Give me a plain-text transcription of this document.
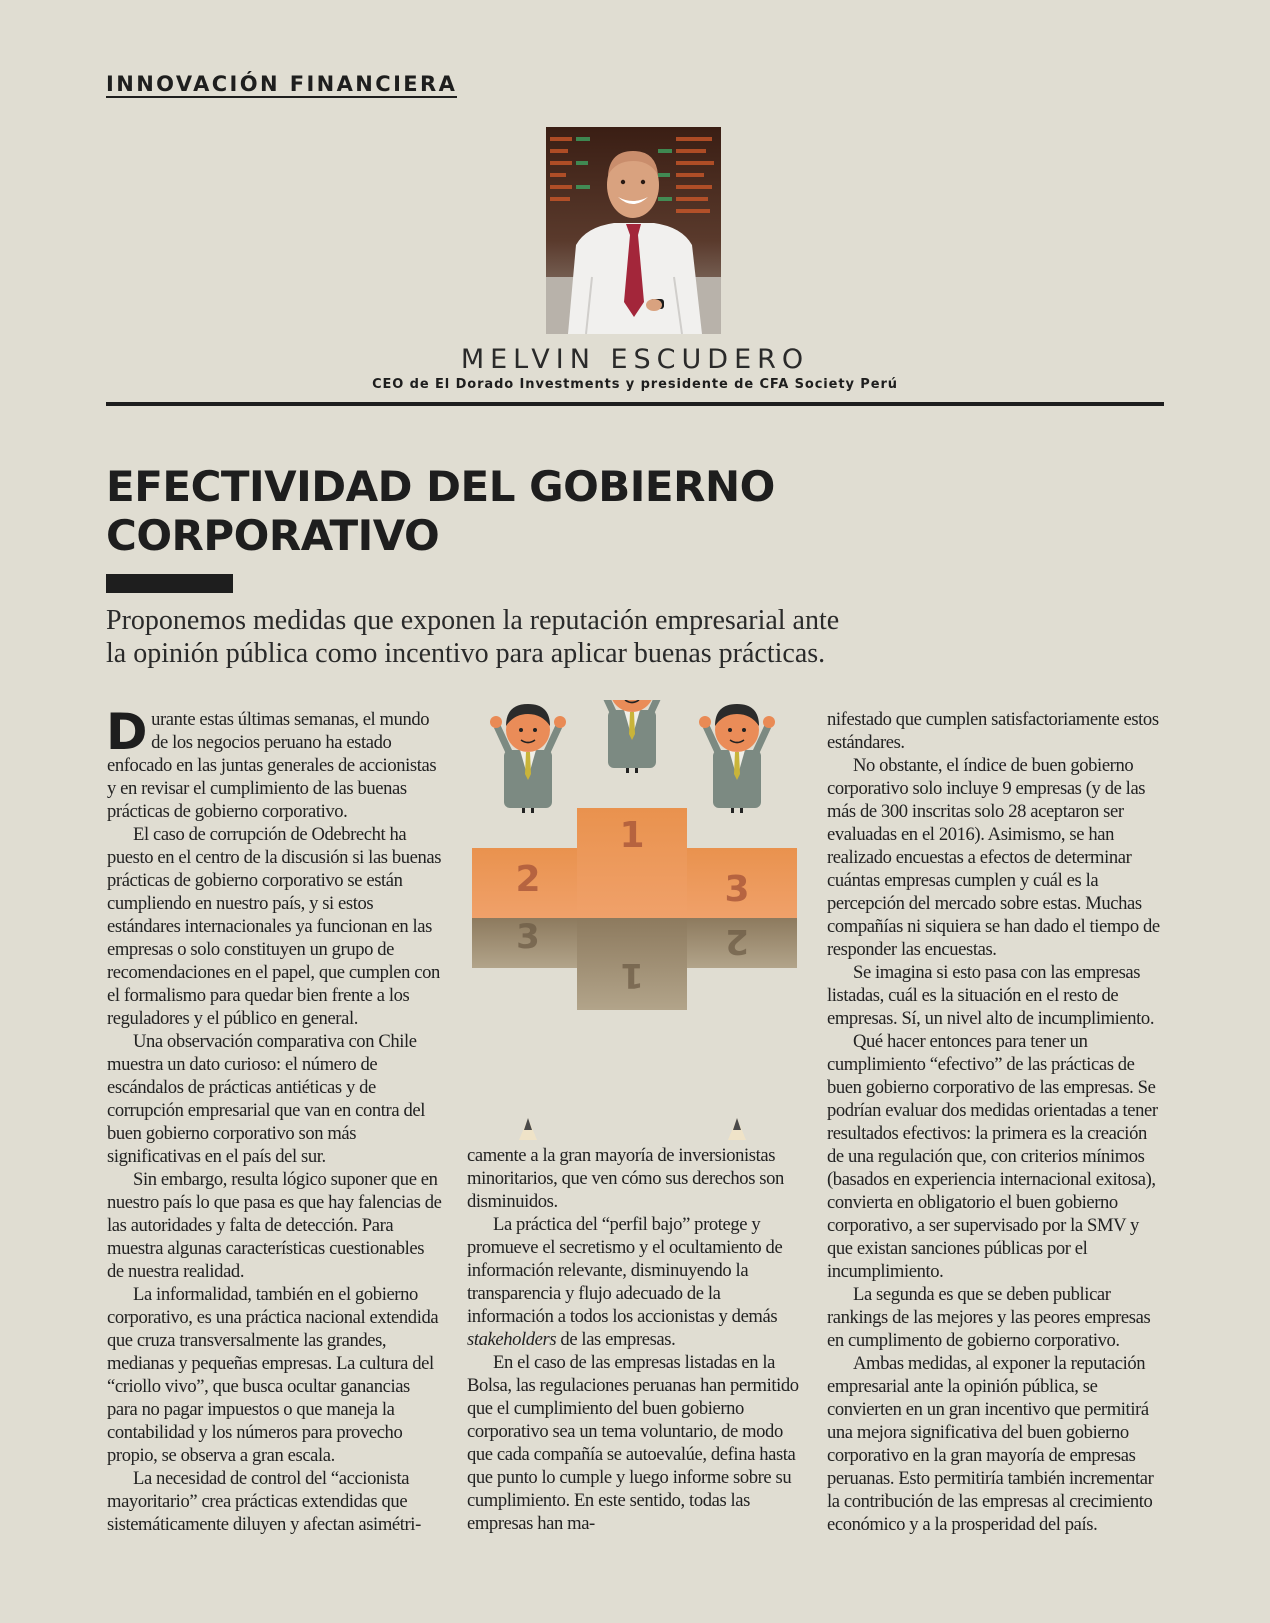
INNOVACIÓN FINANCIERA
MELVIN ESCUDERO
CEO de El Dorado Investments y presidente de CFA Society Perú
EFECTIVIDAD DEL GOBIERNO
CORPORATIVO

Proponemos medidas que exponen la reputación empresarial ante
la opinión pública como incentivo para aplicar buenas prácticas.

1
2	3
3
1
2

Durante estas últimas semanas, el mundo de los negocios peruano ha estado enfocado en las juntas generales de accionistas y en revisar el cumplimiento de las buenas prácticas de gobierno corporativo.

El caso de corrupción de Odebrecht ha puesto en el centro de la discusión si las buenas prácticas de gobierno corporativo se están cumpliendo en nuestro país, y si estos estándares internacionales ya funcionan en las empresas o solo constituyen un grupo de recomendaciones en el papel, que cumplen con el formalismo para quedar bien frente a los reguladores y el público en general.

Una observación comparativa con Chile muestra un dato curioso: el número de escándalos de prácticas antiéticas y de corrupción empresarial que van en contra del buen gobierno corporativo son más significativas en el país del sur.

Sin embargo, resulta lógico suponer que en nuestro país lo que pasa es que hay falencias de las autoridades y falta de detección. Para muestra algunas características cuestionables de nuestra realidad.

La informalidad, también en el gobierno corporativo, es una práctica nacional extendida que cruza transversalmente las grandes, medianas y pequeñas empresas. La cultura del “criollo vivo”, que busca ocultar ganancias para no pagar impuestos o que maneja la contabilidad y los números para provecho propio, se observa a gran escala.

La necesidad de control del “accionista mayoritario” crea prácticas extendidas que sistemáticamente diluyen y afectan asimétri-

camente a la gran mayoría de inversionistas minoritarios, que ven cómo sus derechos son disminuidos.

La práctica del “perfil bajo” protege y promueve el secretismo y el ocultamiento de información relevante, disminuyendo la transparencia y flujo adecuado de la información a todos los accionistas y demás stakeholders de las empresas.

En el caso de las empresas listadas en la Bolsa, las regulaciones peruanas han permitido que el cumplimiento del buen gobierno corporativo sea un tema voluntario, de modo que cada compañía se autoevalúe, defina hasta que punto lo cumple y luego informe sobre su cumplimiento. En este sentido, todas las empresas han ma-

nifestado que cumplen satisfactoriamente estos estándares.

No obstante, el índice de buen gobierno corporativo solo incluye 9 empresas (y de las más de 300 inscritas solo 28 aceptaron ser evaluadas en el 2016). Asimismo, se han realizado encuestas a efectos de determinar cuántas empresas cumplen y cuál es la percepción del mercado sobre estas. Muchas compañías ni siquiera se han dado el tiempo de responder las encuestas.

Se imagina si esto pasa con las empresas listadas, cuál es la situación en el resto de empresas. Sí, un nivel alto de incumplimiento.

Qué hacer entonces para tener un cumplimiento “efectivo” de las prácticas de buen gobierno corporativo de las empresas. Se podrían evaluar dos medidas orientadas a tener resultados efectivos: la primera es la creación de una regulación que, con criterios mínimos (basados en experiencia internacional exitosa), convierta en obligatorio el buen gobierno corporativo, a ser supervisado por la SMV y que existan sanciones públicas por el incumplimiento.

La segunda es que se deben publicar rankings de las mejores y las peores empresas en cumplimento de gobierno corporativo.

Ambas medidas, al exponer la reputación empresarial ante la opinión pública, se convierten en un gran incentivo que permitirá una mejora significativa del buen gobierno corporativo en la gran mayoría de empresas peruanas. Esto permitiría también incrementar la contribución de las empresas al crecimiento económico y a la prosperidad del país.
